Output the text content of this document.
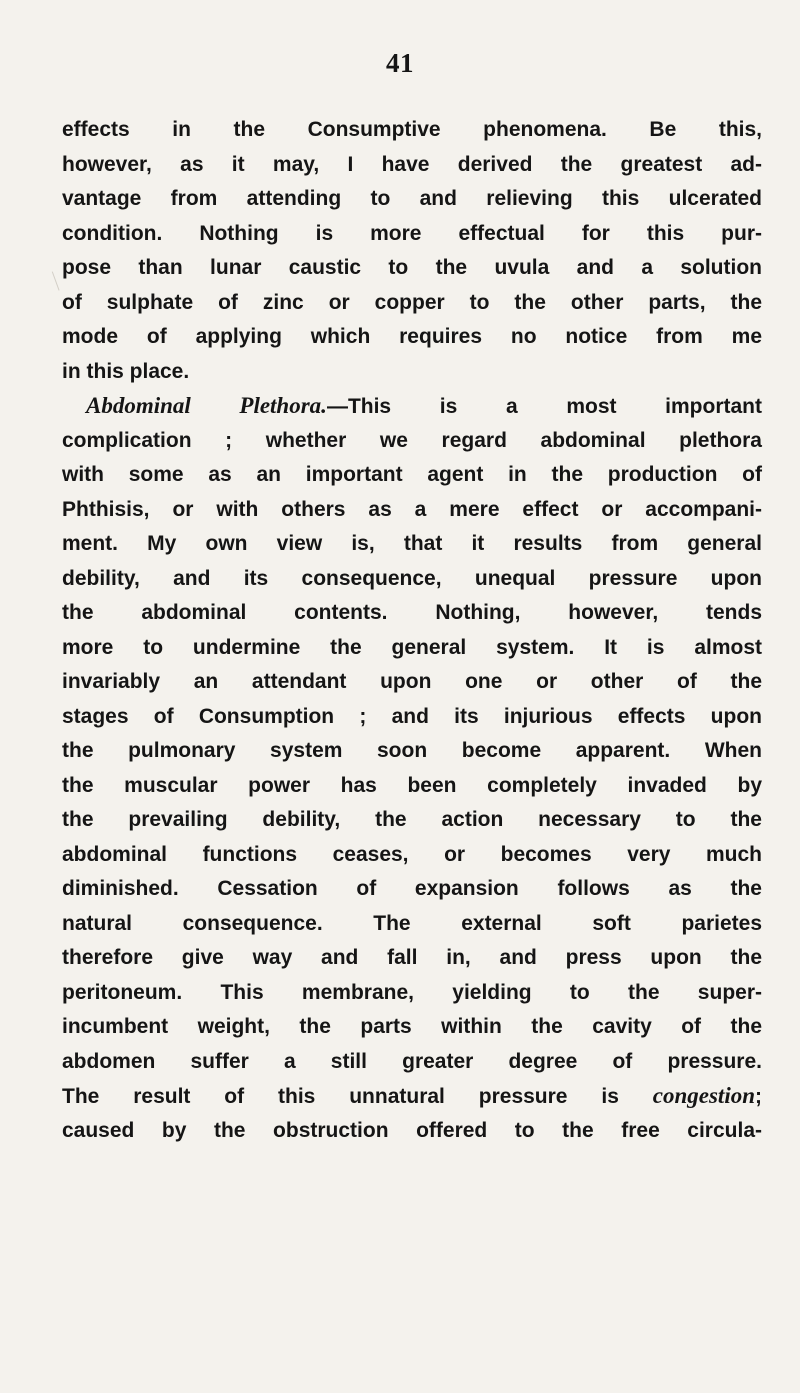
41
effects in the Consumptive phenomena. Be this,
however, as it may, I have derived the greatest ad-
vantage from attending to and relieving this ulcerated
condition. Nothing is more effectual for this pur-
pose than lunar caustic to the uvula and a solution
of sulphate of zinc or copper to the other parts, the
mode of applying which requires no notice from me
in this place.
Abdominal Plethora.—This is a most important
complication ; whether we regard abdominal plethora
with some as an important agent in the production of
Phthisis, or with others as a mere effect or accompani-
ment. My own view is, that it results from general
debility, and its consequence, unequal pressure upon
the abdominal contents. Nothing, however, tends
more to undermine the general system. It is almost
invariably an attendant upon one or other of the
stages of Consumption ; and its injurious effects upon
the pulmonary system soon become apparent. When
the muscular power has been completely invaded by
the prevailing debility, the action necessary to the
abdominal functions ceases, or becomes very much
diminished. Cessation of expansion follows as the
natural consequence. The external soft parietes
therefore give way and fall in, and press upon the
peritoneum. This membrane, yielding to the super-
incumbent weight, the parts within the cavity of the
abdomen suffer a still greater degree of pressure.
The result of this unnatural pressure is congestion;
caused by the obstruction offered to the free circula-
